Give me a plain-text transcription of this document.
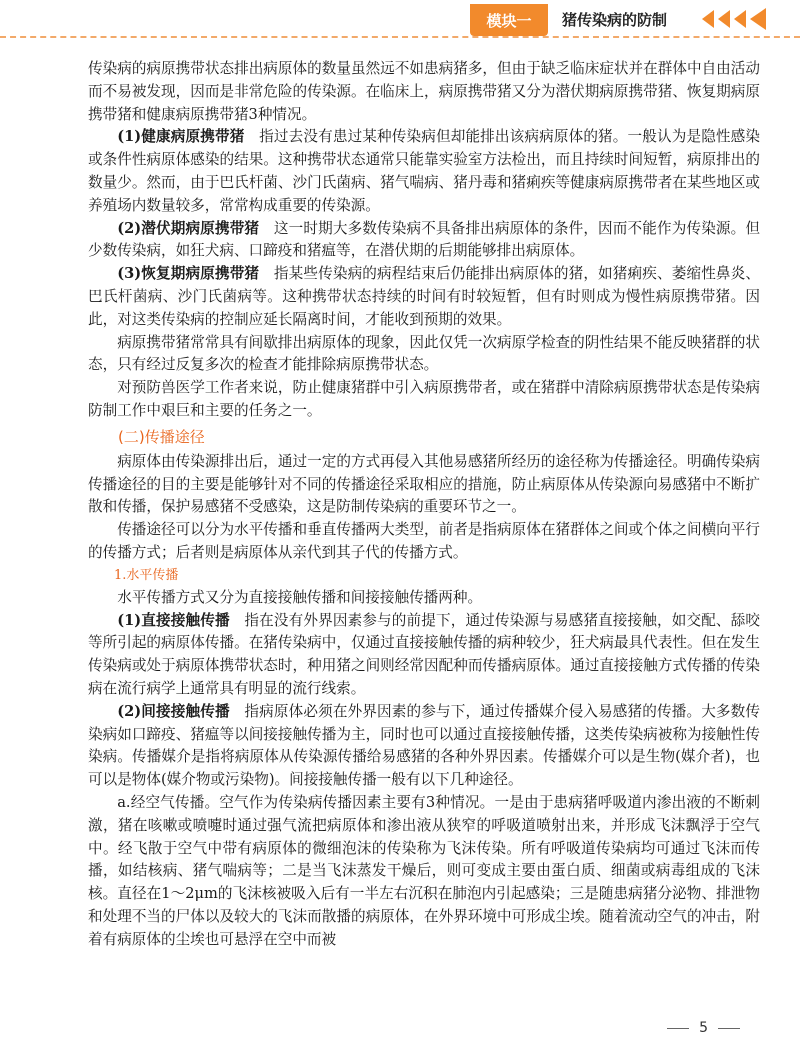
模块一	猪传染病的防制

传染病的病原携带状态排出病原体的数量虽然远不如患病猪多，但由于缺乏临床症状并在群体中自由活动而不易被发现，因而是非常危险的传染源。在临床上，病原携带猪又分为潜伏期病原携带猪、恢复期病原携带猪和健康病原携带猪3种情况。

(1)健康病原携带猪　指过去没有患过某种传染病但却能排出该病病原体的猪。一般认为是隐性感染或条件性病原体感染的结果。这种携带状态通常只能靠实验室方法检出，而且持续时间短暂，病原排出的数量少。然而，由于巴氏杆菌、沙门氏菌病、猪气喘病、猪丹毒和猪痢疾等健康病原携带者在某些地区或养殖场内数量较多，常常构成重要的传染源。

(2)潜伏期病原携带猪　这一时期大多数传染病不具备排出病原体的条件，因而不能作为传染源。但少数传染病，如狂犬病、口蹄疫和猪瘟等，在潜伏期的后期能够排出病原体。

(3)恢复期病原携带猪　指某些传染病的病程结束后仍能排出病原体的猪，如猪痢疾、萎缩性鼻炎、巴氏杆菌病、沙门氏菌病等。这种携带状态持续的时间有时较短暂，但有时则成为慢性病原携带猪。因此，对这类传染病的控制应延长隔离时间，才能收到预期的效果。

病原携带猪常常具有间歇排出病原体的现象，因此仅凭一次病原学检查的阴性结果不能反映猪群的状态，只有经过反复多次的检查才能排除病原携带状态。

对预防兽医学工作者来说，防止健康猪群中引入病原携带者，或在猪群中清除病原携带状态是传染病防制工作中艰巨和主要的任务之一。

(二)传播途径

病原体由传染源排出后，通过一定的方式再侵入其他易感猪所经历的途径称为传播途径。明确传染病传播途径的目的主要是能够针对不同的传播途径采取相应的措施，防止病原体从传染源向易感猪中不断扩散和传播，保护易感猪不受感染，这是防制传染病的重要环节之一。

传播途径可以分为水平传播和垂直传播两大类型，前者是指病原体在猪群体之间或个体之间横向平行的传播方式；后者则是病原体从亲代到其子代的传播方式。

1.水平传播

水平传播方式又分为直接接触传播和间接接触传播两种。

(1)直接接触传播　指在没有外界因素参与的前提下，通过传染源与易感猪直接接触，如交配、舔咬等所引起的病原体传播。在猪传染病中，仅通过直接接触传播的病种较少，狂犬病最具代表性。但在发生传染病或处于病原体携带状态时，种用猪之间则经常因配种而传播病原体。通过直接接触方式传播的传染病在流行病学上通常具有明显的流行线索。

(2)间接接触传播　指病原体必须在外界因素的参与下，通过传播媒介侵入易感猪的传播。大多数传染病如口蹄疫、猪瘟等以间接接触传播为主，同时也可以通过直接接触传播，这类传染病被称为接触性传染病。传播媒介是指将病原体从传染源传播给易感猪的各种外界因素。传播媒介可以是生物(媒介者)，也可以是物体(媒介物或污染物)。间接接触传播一般有以下几种途径。

a.经空气传播。空气作为传染病传播因素主要有3种情况。一是由于患病猪呼吸道内渗出液的不断刺激，猪在咳嗽或喷嚏时通过强气流把病原体和渗出液从狭窄的呼吸道喷射出来，并形成飞沫飘浮于空气中。经飞散于空气中带有病原体的微细泡沫的传染称为飞沫传染。所有呼吸道传染病均可通过飞沫而传播，如结核病、猪气喘病等；二是当飞沫蒸发干燥后，则可变成主要由蛋白质、细菌或病毒组成的飞沫核。直径在1～2μm的飞沫核被吸入后有一半左右沉积在肺泡内引起感染；三是随患病猪分泌物、排泄物和处理不当的尸体以及较大的飞沫而散播的病原体，在外界环境中可形成尘埃。随着流动空气的冲击，附着有病原体的尘埃也可悬浮在空中而被

5
